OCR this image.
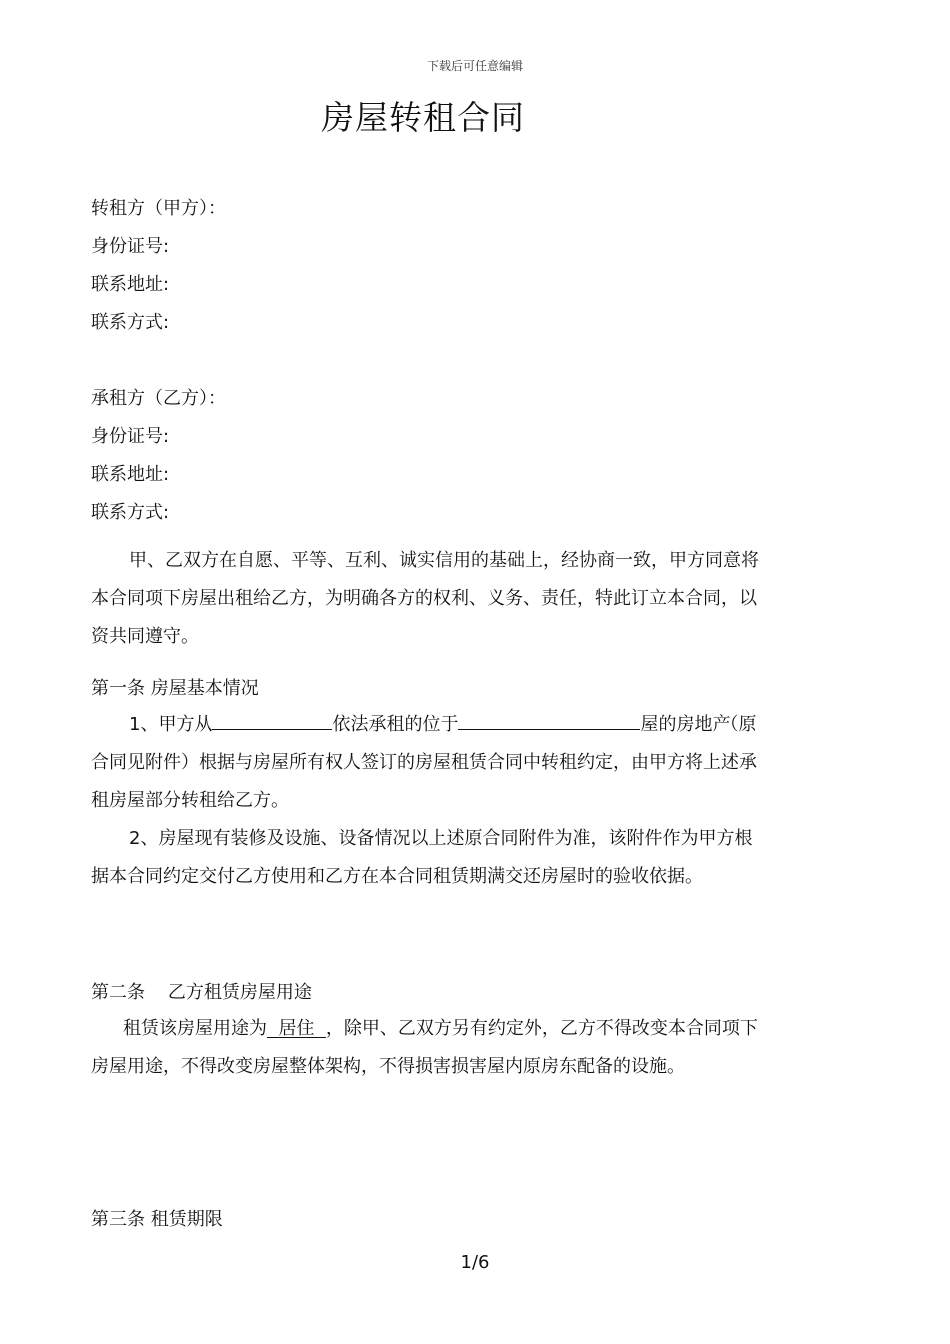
下载后可任意编辑
房屋转租合同
转租方（甲方）：
身份证号:
联系地址:
联系方式:
承租方（乙方）：
身份证号:
联系地址:
联系方式:
甲、乙双方在自愿、平等、互利、诚实信用的基础上，经协商一致，甲方同意将本合同项下房屋出租给乙方，为明确各方的权利、义务、责任，特此订立本合同，以资共同遵守。
第一条 房屋基本情况
1、甲方从	依法承租的位于	屋的房地产（原合同见附件）根据与房屋所有权人签订的房屋租赁合同中转租约定，由甲方将上述承租房屋部分转租给乙方。
2、房屋现有装修及设施、设备情况以上述原合同附件为准，该附件作为甲方根据本合同约定交付乙方使用和乙方在本合同租赁期满交还房屋时的验收依据。
第二条    乙方租赁房屋用途
租赁该房屋用途为  居住  ，除甲、乙双方另有约定外，乙方不得改变本合同项下房屋用途，不得改变房屋整体架构，不得损害损害屋内原房东配备的设施。
第三条 租赁期限
1/6
